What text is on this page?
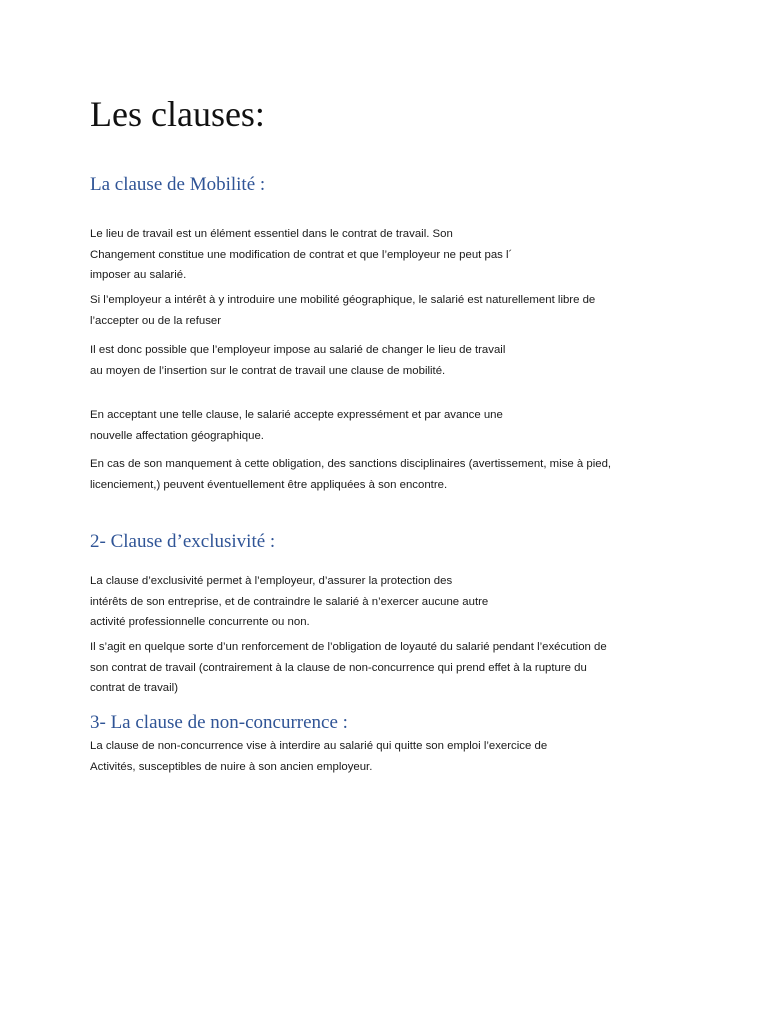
Les clauses:
La clause de Mobilité :

Le lieu de travail est un élément essentiel dans le contrat de travail. Son
Changement constitue une modification de contrat et que l’employeur ne peut pas l´
imposer au salarié.

Si l’employeur a intérêt à y introduire une mobilité géographique, le salarié est naturellement libre de
l’accepter ou de la refuser

Il est donc possible que l’employeur impose au salarié de changer le lieu de travail
au moyen de l’insertion sur le contrat de travail une clause de mobilité.

En acceptant une telle clause, le salarié accepte expressément et par avance une
nouvelle affectation géographique.

En cas de son manquement à cette obligation, des sanctions disciplinaires (avertissement, mise à pied,
licenciement,) peuvent éventuellement être appliquées à son encontre.

2- Clause d’exclusivité :

La clause d’exclusivité permet à l’employeur, d’assurer la protection des
intérêts de son entreprise, et de contraindre le salarié à n’exercer aucune autre
activité professionnelle concurrente ou non.

Il s’agit en quelque sorte d’un renforcement de l’obligation de loyauté du salarié pendant l’exécution de
son contrat de travail (contrairement à la clause de non-concurrence qui prend effet à la rupture du
contrat de travail)

3- La clause de non-concurrence :

La clause de non-concurrence vise à interdire au salarié qui quitte son emploi l’exercice de
Activités, susceptibles de nuire à son ancien employeur.
